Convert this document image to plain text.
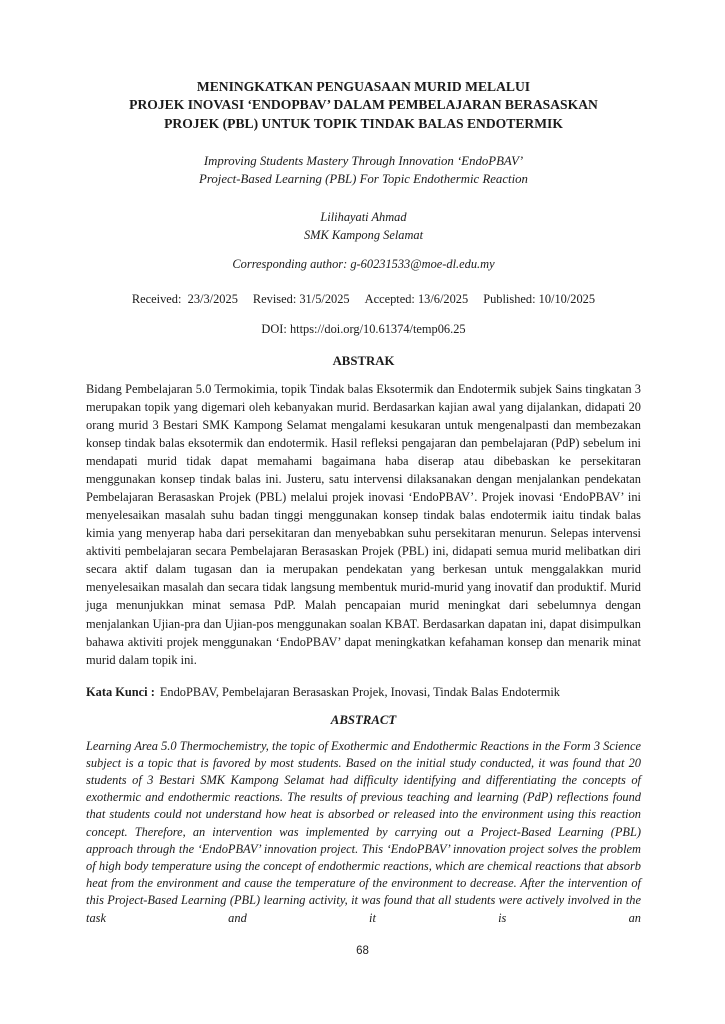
MENINGKATKAN PENGUASAAN MURID MELALUI
PROJEK INOVASI ‘ENDOPBAV’ DALAM PEMBELAJARAN BERASASKAN
PROJEK (PBL) UNTUK TOPIK TINDAK BALAS ENDOTERMIK
Improving Students Mastery Through Innovation ‘EndoPBAV’
Project-Based Learning (PBL) For Topic Endothermic Reaction
Lilihayati Ahmad
SMK Kampong Selamat
Corresponding author: g-60231533@moe-dl.edu.my
Received:  23/3/2025 Revised: 31/5/2025 Accepted: 13/6/2025 Published: 10/10/2025
DOI: https://doi.org/10.61374/temp06.25
ABSTRAK
Bidang Pembelajaran 5.0 Termokimia, topik Tindak balas Eksotermik dan Endotermik subjek Sains tingkatan 3 merupakan topik yang digemari oleh kebanyakan murid. Berdasarkan kajian awal yang dijalankan, didapati 20 orang murid 3 Bestari SMK Kampong Selamat mengalami kesukaran untuk mengenalpasti dan membezakan konsep tindak balas eksotermik dan endotermik. Hasil refleksi pengajaran dan pembelajaran (PdP) sebelum ini mendapati murid tidak dapat memahami bagaimana haba diserap atau dibebaskan ke persekitaran menggunakan konsep tindak balas ini. Justeru, satu intervensi dilaksanakan dengan menjalankan pendekatan Pembelajaran Berasaskan Projek (PBL) melalui projek inovasi ‘EndoPBAV’. Projek inovasi ‘EndoPBAV’ ini menyelesaikan masalah suhu badan tinggi menggunakan konsep tindak balas endotermik iaitu tindak balas kimia yang menyerap haba dari persekitaran dan menyebabkan suhu persekitaran menurun. Selepas intervensi aktiviti pembelajaran secara Pembelajaran Berasaskan Projek (PBL) ini, didapati semua murid melibatkan diri secara aktif dalam tugasan dan ia merupakan pendekatan yang berkesan untuk menggalakkan murid menyelesaikan masalah dan secara tidak langsung membentuk murid-murid yang inovatif dan produktif. Murid juga menunjukkan minat semasa PdP. Malah pencapaian murid meningkat dari sebelumnya dengan menjalankan Ujian-pra dan Ujian-pos menggunakan soalan KBAT. Berdasarkan dapatan ini, dapat disimpulkan bahawa aktiviti projek menggunakan ‘EndoPBAV’ dapat meningkatkan kefahaman konsep dan menarik minat murid dalam topik ini.
Kata Kunci : EndoPBAV, Pembelajaran Berasaskan Projek, Inovasi, Tindak Balas Endotermik
ABSTRACT
Learning Area 5.0 Thermochemistry, the topic of Exothermic and Endothermic Reactions in the Form 3 Science subject is a topic that is favored by most students. Based on the initial study conducted, it was found that 20 students of 3 Bestari SMK Kampong Selamat had difficulty identifying and differentiating the concepts of exothermic and endothermic reactions. The results of previous teaching and learning (PdP) reflections found that students could not understand how heat is absorbed or released into the environment using this reaction concept. Therefore, an intervention was implemented by carrying out a Project-Based Learning (PBL) approach through the ‘EndoPBAV’ innovation project. This ‘EndoPBAV’ innovation project solves the problem of high body temperature using the concept of endothermic reactions, which are chemical reactions that absorb heat from the environment and cause the temperature of the environment to decrease. After the intervention of this Project-Based Learning (PBL) learning activity, it was found that all students were actively involved in the task and it is an
68
